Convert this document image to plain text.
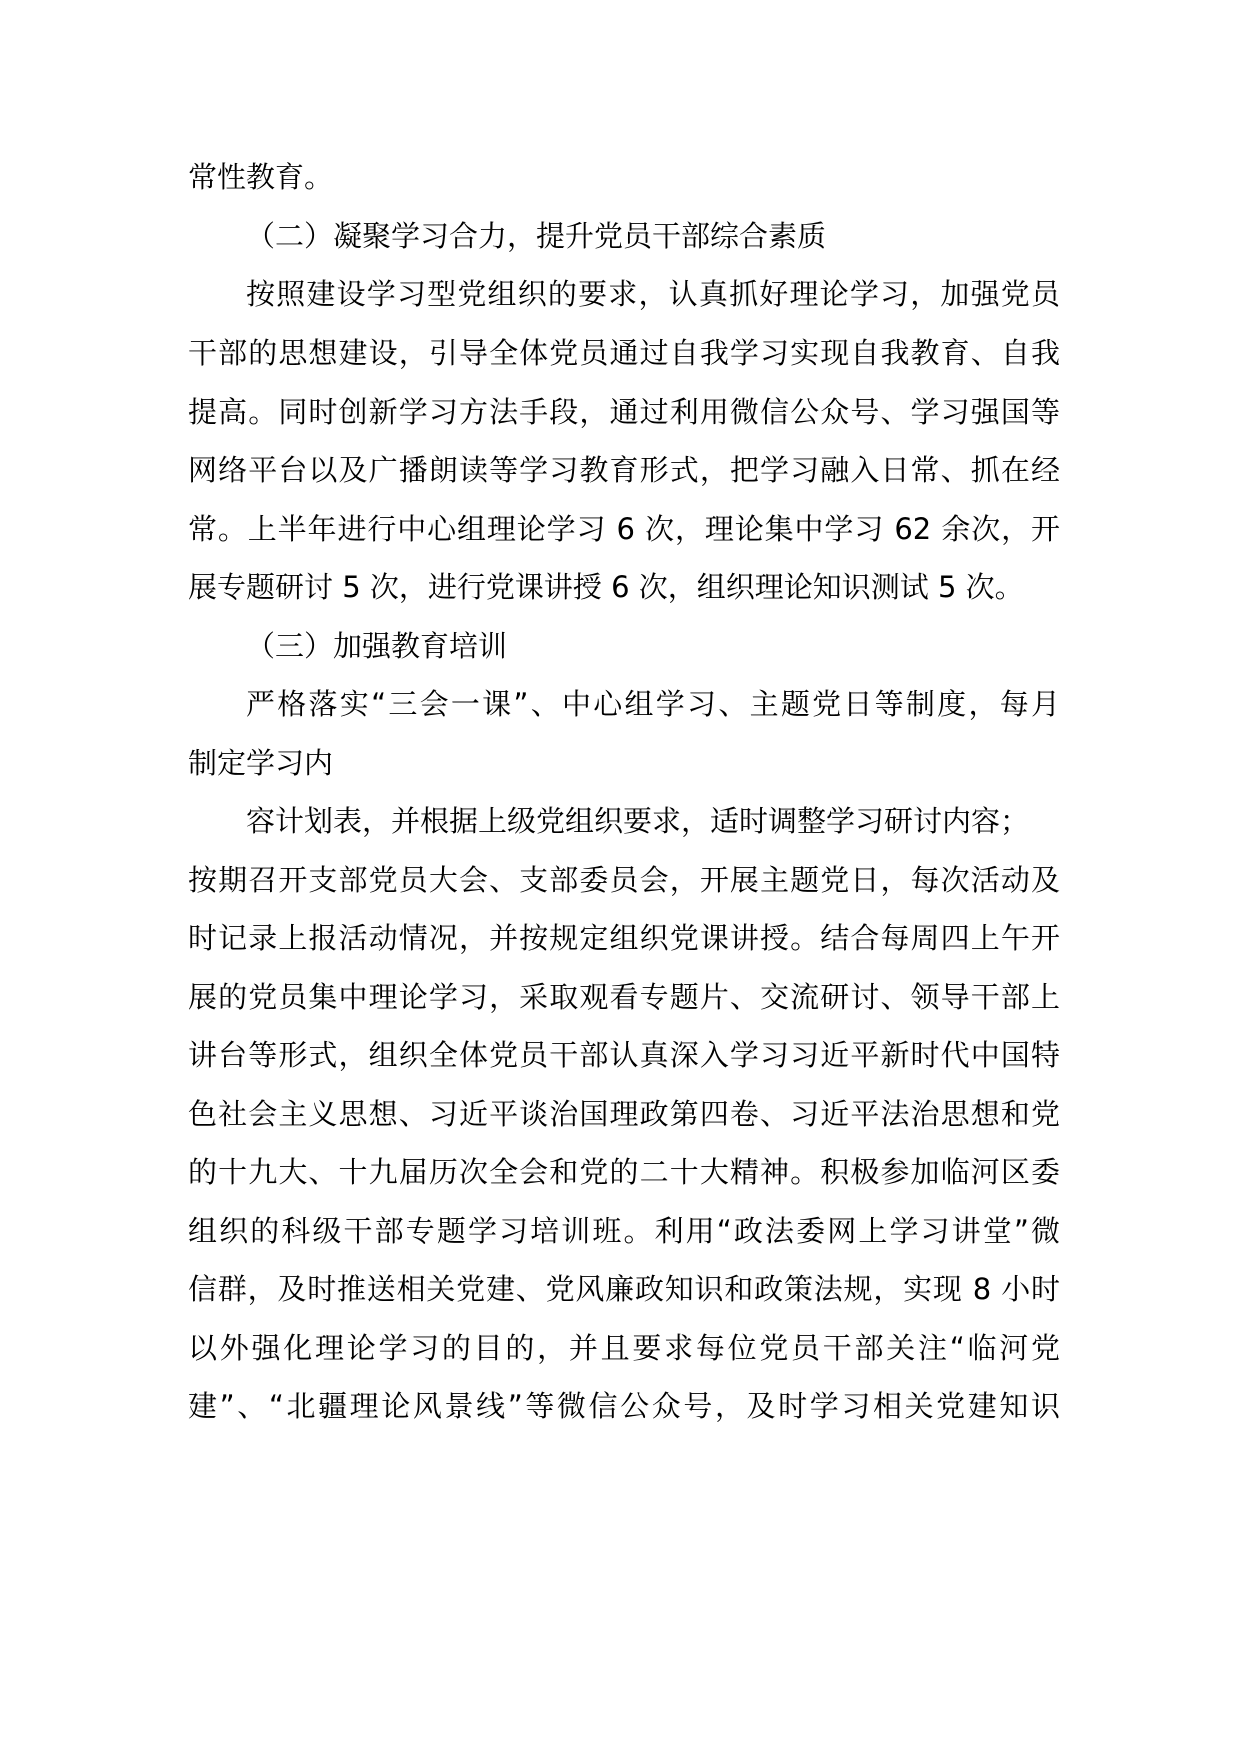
常性教育。
（二）凝聚学习合力，提升党员干部综合素质
按照建设学习型党组织的要求，认真抓好理论学习，加强党员
干部的思想建设，引导全体党员通过自我学习实现自我教育、自我
提高。同时创新学习方法手段，通过利用微信公众号、学习强国等
网络平台以及广播朗读等学习教育形式，把学习融入日常、抓在经
常。上半年进行中心组理论学习 6 次，理论集中学习 62 余次，开
展专题研讨 5 次，进行党课讲授 6 次，组织理论知识测试 5 次。
（三）加强教育培训
严格落实“三会一课”、中心组学习、主题党日等制度，每月
制定学习内
容计划表，并根据上级党组织要求，适时调整学习研讨内容；
按期召开支部党员大会、支部委员会，开展主题党日，每次活动及
时记录上报活动情况，并按规定组织党课讲授。结合每周四上午开
展的党员集中理论学习，采取观看专题片、交流研讨、领导干部上
讲台等形式，组织全体党员干部认真深入学习习近平新时代中国特
色社会主义思想、习近平谈治国理政第四卷、习近平法治思想和党
的十九大、十九届历次全会和党的二十大精神。积极参加临河区委
组织的科级干部专题学习培训班。利用“政法委网上学习讲堂”微
信群，及时推送相关党建、党风廉政知识和政策法规，实现 8 小时
以外强化理论学习的目的，并且要求每位党员干部关注“临河党
建”、“北疆理论风景线”等微信公众号，及时学习相关党建知识
